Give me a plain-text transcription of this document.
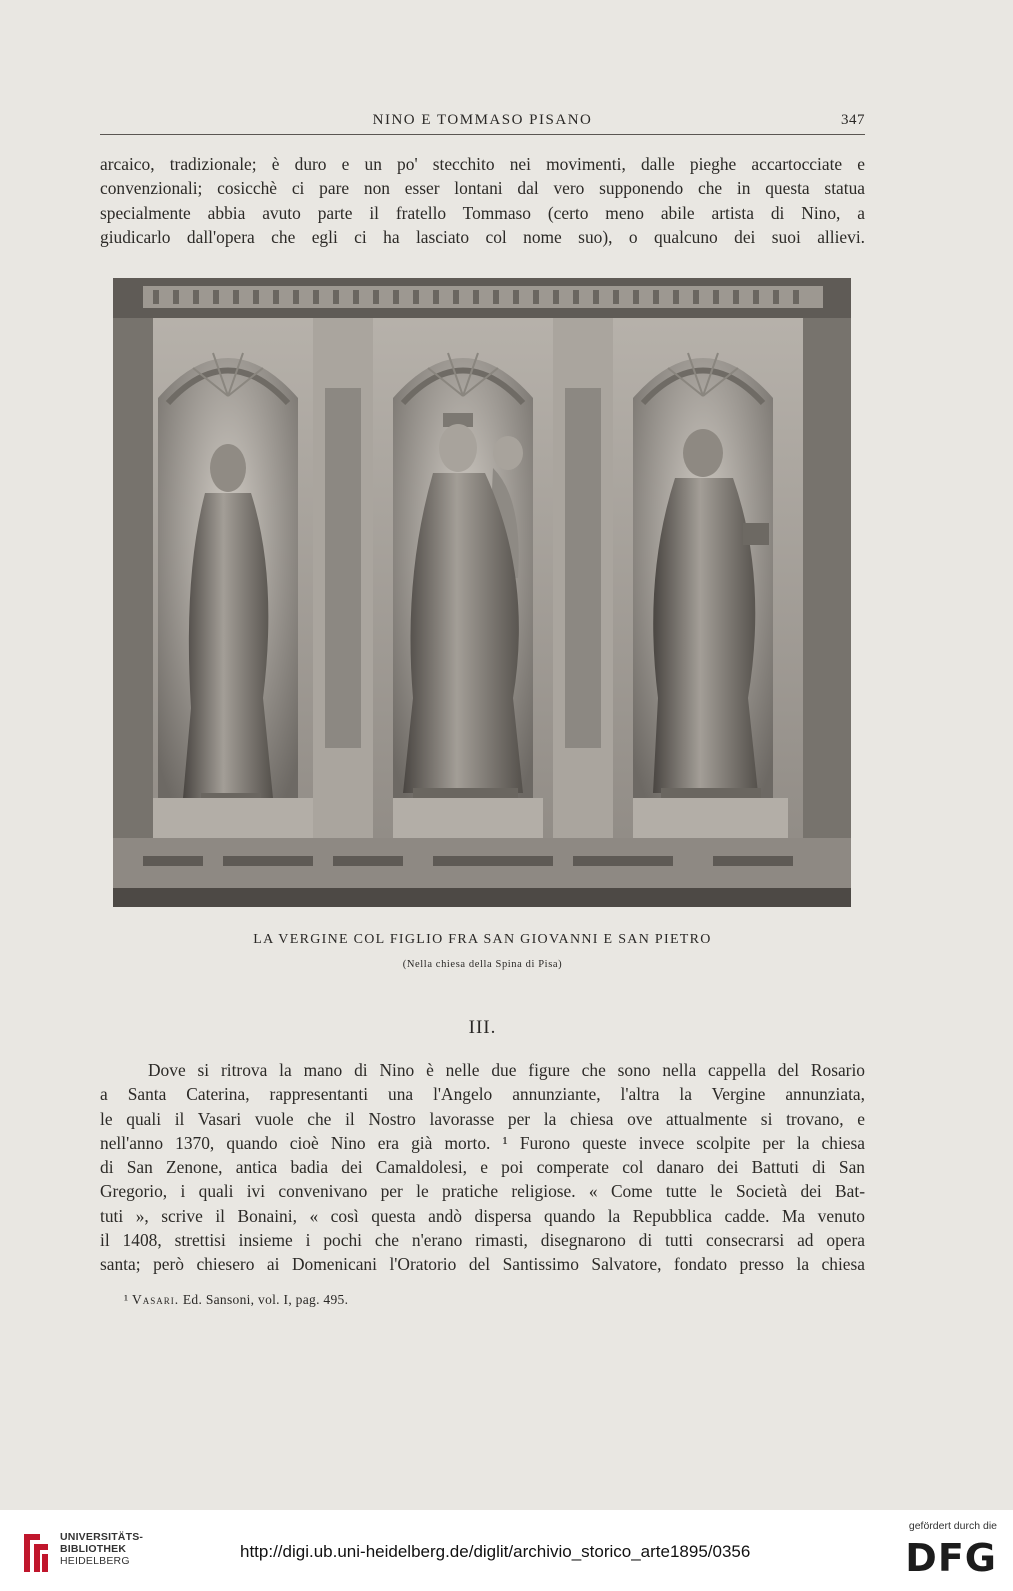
NINO E TOMMASO PISANO	347
arcaico, tradizionale; è duro e un po' stecchito nei movimenti, dalle pieghe accartocciate e
convenzionali; cosicchè ci pare non esser lontani dal vero supponendo che in questa statua
specialmente abbia avuto parte il fratello Tommaso (certo meno abile artista di Nino, a
giudicarlo dall'opera che egli ci ha lasciato col nome suo), o qualcuno dei suoi allievi.
LA VERGINE COL FIGLIO FRA SAN GIOVANNI E SAN PIETRO
(Nella chiesa della Spina di Pisa)
III.
Dove si ritrova la mano di Nino è nelle due figure che sono nella cappella del Rosario
a Santa Caterina, rappresentanti una l'Angelo annunziante, l'altra la Vergine annunziata,
le quali il Vasari vuole che il Nostro lavorasse per la chiesa ove attualmente si trovano, e
nell'anno 1370, quando cioè Nino era già morto. ¹ Furono queste invece scolpite per la chiesa
di San Zenone, antica badia dei Camaldolesi, e poi comperate col danaro dei Battuti di San
Gregorio, i quali ivi convenivano per le pratiche religiose. « Come tutte le Società dei Bat-
tuti », scrive il Bonaini, « così questa andò dispersa quando la Repubblica cadde. Ma venuto
il 1408, strettisi insieme i pochi che n'erano rimasti, disegnarono di tutti consecrarsi ad opera
santa; però chiesero ai Domenicani l'Oratorio del Santissimo Salvatore, fondato presso la chiesa
¹ Vasari. Ed. Sansoni, vol. I, pag. 495.
UNIVERSITÄTS-
BIBLIOTHEK
HEIDELBERG	http://digi.ub.uni-heidelberg.de/diglit/archivio_storico_arte1895/0356
gefördert durch die
DFG
